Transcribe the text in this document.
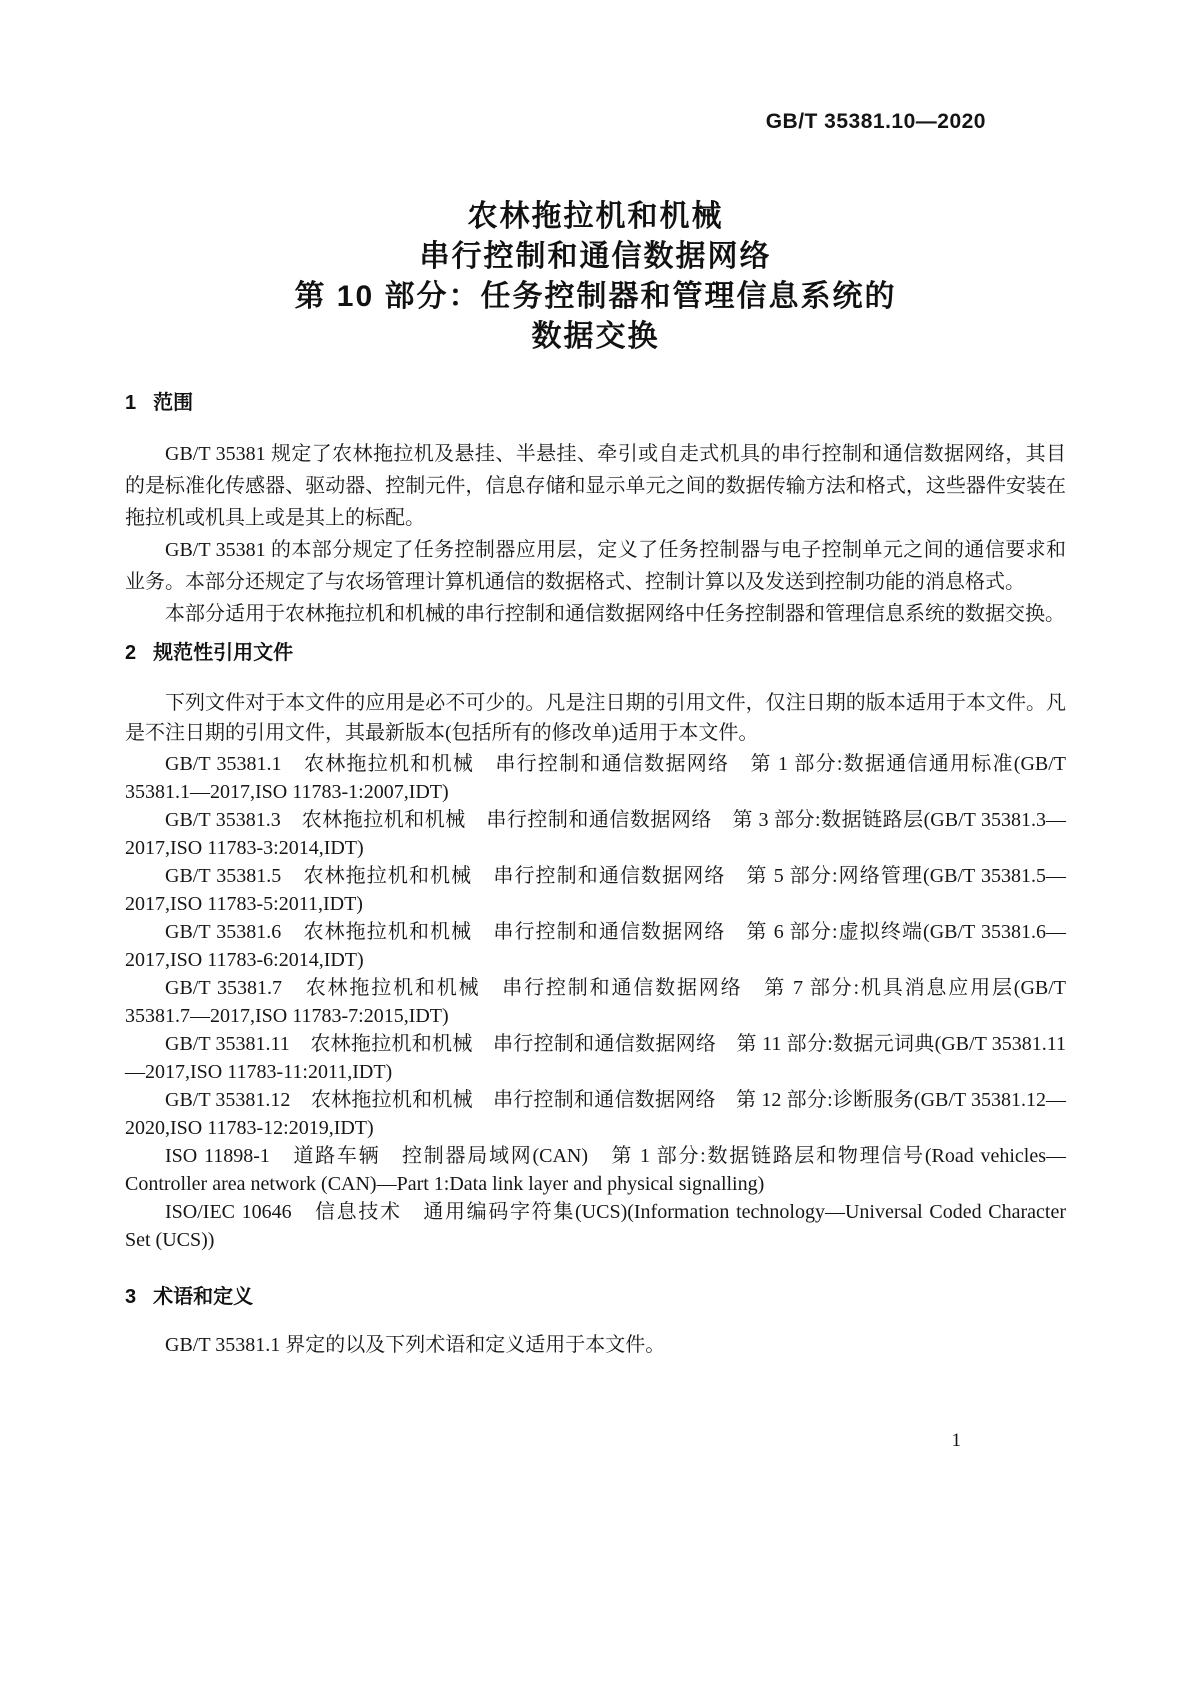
GB/T 35381.10—2020
农林拖拉机和机械
串行控制和通信数据网络
第 10 部分：任务控制器和管理信息系统的
数据交换
1 范围

GB/T 35381 规定了农林拖拉机及悬挂、半悬挂、牵引或自走式机具的串行控制和通信数据网络，其目的是标准化传感器、驱动器、控制元件，信息存储和显示单元之间的数据传输方法和格式，这些器件安装在拖拉机或机具上或是其上的标配。

GB/T 35381 的本部分规定了任务控制器应用层，定义了任务控制器与电子控制单元之间的通信要求和业务。本部分还规定了与农场管理计算机通信的数据格式、控制计算以及发送到控制功能的消息格式。

本部分适用于农林拖拉机和机械的串行控制和通信数据网络中任务控制器和管理信息系统的数据交换。

2 规范性引用文件

下列文件对于本文件的应用是必不可少的。凡是注日期的引用文件，仅注日期的版本适用于本文件。凡是不注日期的引用文件，其最新版本(包括所有的修改单)适用于本文件。

GB/T 35381.1　农林拖拉机和机械　串行控制和通信数据网络　第 1 部分:数据通信通用标准(GB/T 35381.1—2017,ISO 11783-1:2007,IDT)

GB/T 35381.3　农林拖拉机和机械　串行控制和通信数据网络　第 3 部分:数据链路层(GB/T 35381.3—2017,ISO 11783-3:2014,IDT)

GB/T 35381.5　农林拖拉机和机械　串行控制和通信数据网络　第 5 部分:网络管理(GB/T 35381.5—2017,ISO 11783-5:2011,IDT)

GB/T 35381.6　农林拖拉机和机械　串行控制和通信数据网络　第 6 部分:虚拟终端(GB/T 35381.6—2017,ISO 11783-6:2014,IDT)

GB/T 35381.7　农林拖拉机和机械　串行控制和通信数据网络　第 7 部分:机具消息应用层(GB/T 35381.7—2017,ISO 11783-7:2015,IDT)

GB/T 35381.11　农林拖拉机和机械　串行控制和通信数据网络　第 11 部分:数据元词典(GB/T 35381.11—2017,ISO 11783-11:2011,IDT)

GB/T 35381.12　农林拖拉机和机械　串行控制和通信数据网络　第 12 部分:诊断服务(GB/T 35381.12—2020,ISO 11783-12:2019,IDT)

ISO 11898-1　道路车辆　控制器局域网(CAN)　第 1 部分:数据链路层和物理信号(Road vehicles—Controller area network (CAN)—Part 1:Data link layer and physical signalling)

ISO/IEC 10646　信息技术　通用编码字符集(UCS)(Information technology—Universal Coded Character Set (UCS))

3 术语和定义

GB/T 35381.1 界定的以及下列术语和定义适用于本文件。

1
